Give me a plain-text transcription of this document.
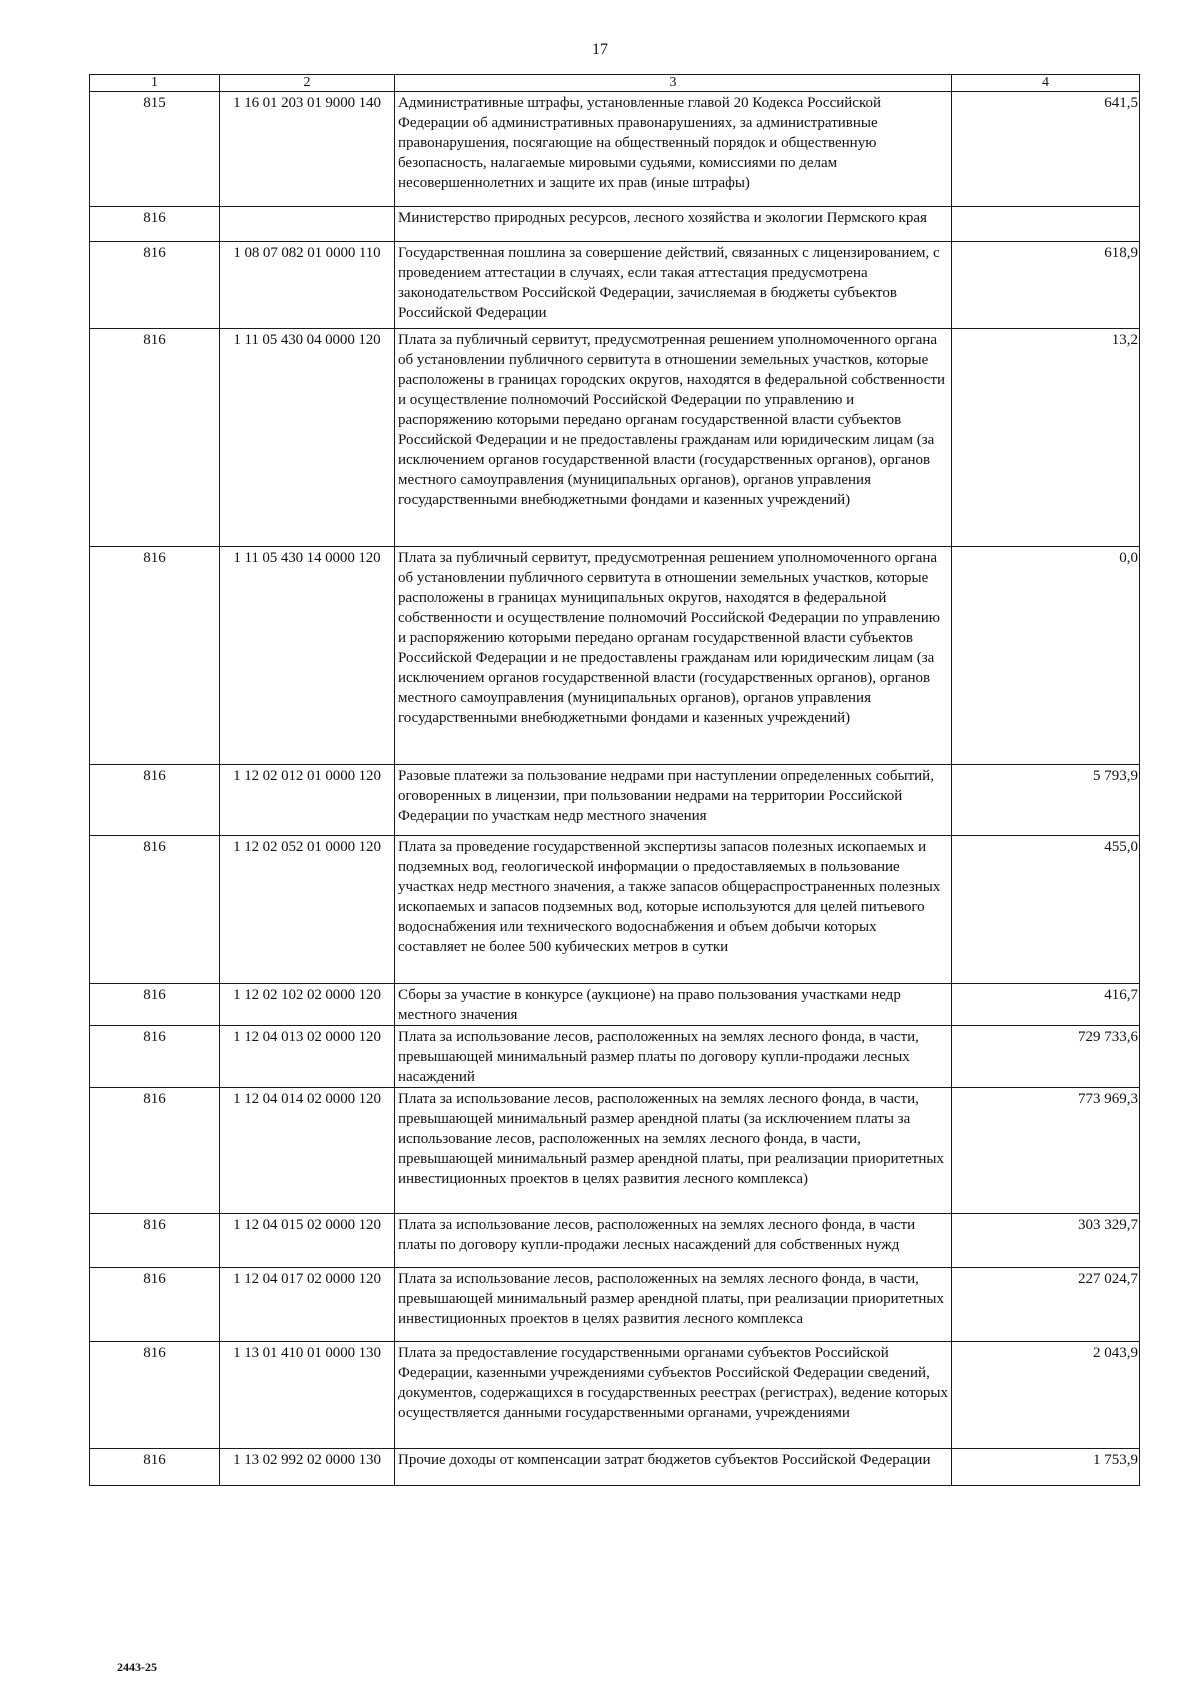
17
1	2	3	4
815	1 16 01 203 01 9000 140	Административные штрафы, установленные главой 20 Кодекса Российской Федерации об административных правонарушениях, за административные правонарушения, посягающие на общественный порядок и общественную безопасность, налагаемые мировыми судьями, комиссиями по делам несовершеннолетних и защите их прав (иные штрафы)	641,5
816		Министерство природных ресурсов, лесного хозяйства и экологии Пермского края	
816	1 08 07 082 01 0000 110	Государственная пошлина за совершение действий, связанных с лицензированием, с проведением аттестации в случаях, если такая аттестация предусмотрена законодательством Российской Федерации, зачисляемая в бюджеты субъектов Российской Федерации	618,9
816	1 11 05 430 04 0000 120	Плата за публичный сервитут, предусмотренная решением уполномоченного органа об установлении публичного сервитута в отношении земельных участков, которые расположены в границах городских округов, находятся в федеральной собственности и осуществление полномочий Российской Федерации по управлению и распоряжению которыми передано органам государственной власти субъектов Российской Федерации и не предоставлены гражданам или юридическим лицам (за исключением органов государственной власти (государственных органов), органов местного самоуправления (муниципальных органов), органов управления государственными внебюджетными фондами и казенных учреждений)	13,2
816	1 11 05 430 14 0000 120	Плата за публичный сервитут, предусмотренная решением уполномоченного органа об установлении публичного сервитута в отношении земельных участков, которые расположены в границах муниципальных округов, находятся в федеральной собственности и осуществление полномочий Российской Федерации по управлению и распоряжению которыми передано органам государственной власти субъектов Российской Федерации и не предоставлены гражданам или юридическим лицам (за исключением органов государственной власти (государственных органов), органов местного самоуправления (муниципальных органов), органов управления государственными внебюджетными фондами и казенных учреждений)	0,0
816	1 12 02 012 01 0000 120	Разовые платежи за пользование недрами при наступлении определенных событий, оговоренных в лицензии, при пользовании недрами на территории Российской Федерации по участкам недр местного значения	5 793,9
816	1 12 02 052 01 0000 120	Плата за проведение государственной экспертизы запасов полезных ископаемых и подземных вод, геологической информации о предоставляемых в пользование участках недр местного значения, а также запасов общераспространенных полезных ископаемых и запасов подземных вод, которые используются для целей питьевого водоснабжения или технического водоснабжения и объем добычи которых составляет не более 500 кубических метров в сутки	455,0
816	1 12 02 102 02 0000 120	Сборы за участие в конкурсе (аукционе) на право пользования участками недр местного значения	416,7
816	1 12 04 013 02 0000 120	Плата за использование лесов, расположенных на землях лесного фонда, в части, превышающей минимальный размер платы по договору купли-продажи лесных насаждений	729 733,6
816	1 12 04 014 02 0000 120	Плата за использование лесов, расположенных на землях лесного фонда, в части, превышающей минимальный размер арендной платы (за исключением платы за использование лесов, расположенных на землях лесного фонда, в части, превышающей минимальный размер арендной платы, при реализации приоритетных инвестиционных проектов в целях развития лесного комплекса)	773 969,3
816	1 12 04 015 02 0000 120	Плата за использование лесов, расположенных на землях лесного фонда, в части платы по договору купли-продажи лесных насаждений для собственных нужд	303 329,7
816	1 12 04 017 02 0000 120	Плата за использование лесов, расположенных на землях лесного фонда, в части, превышающей минимальный размер арендной платы, при реализации приоритетных инвестиционных проектов в целях развития лесного комплекса	227 024,7
816	1 13 01 410 01 0000 130	Плата за предоставление государственными органами субъектов Российской Федерации, казенными учреждениями субъектов Российской Федерации сведений, документов, содержащихся в государственных реестрах (регистрах), ведение которых осуществляется данными государственными органами, учреждениями	2 043,9
816	1 13 02 992 02 0000 130	Прочие доходы от компенсации затрат бюджетов субъектов Российской Федерации	1 753,9
2443-25
